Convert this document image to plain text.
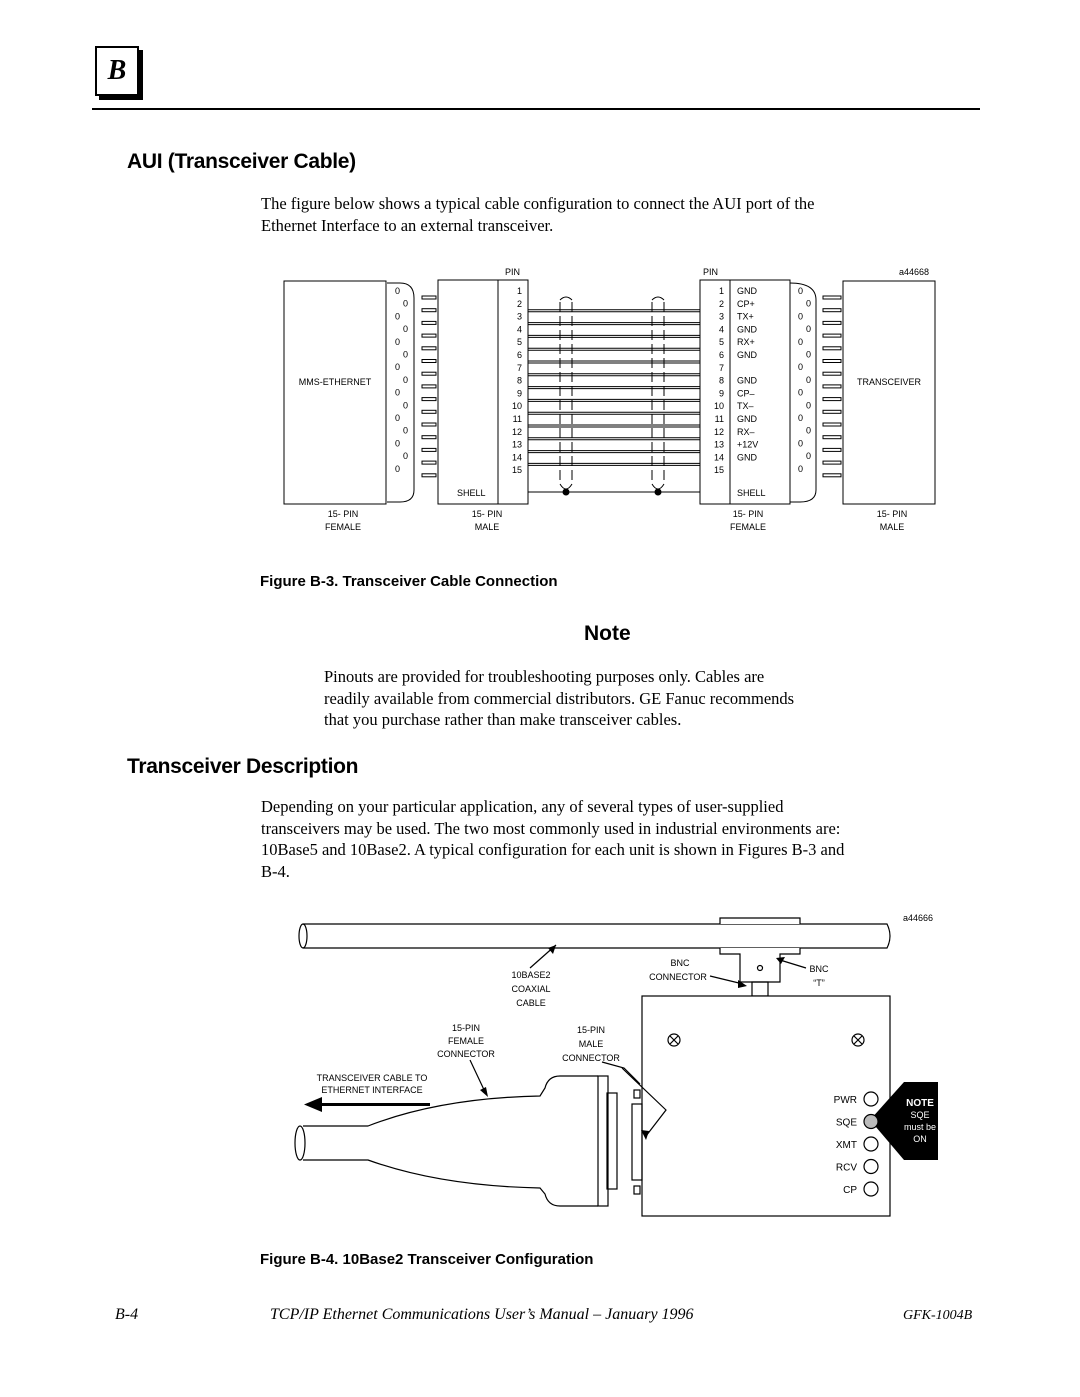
B
AUI (Transceiver Cable)
The figure below shows a typical cable configuration to connect the AUI port of the
Ethernet Interface to an external transceiver.
1	1 GND
2	2 CP+
3	3 TX+
4	4 GND
5	5 RX+
6	6 GND
7	7
8	8 GND
9	9 CP–
10	10 TX–
11	11 GND
12	12 RX–
13	13 +12V
14	14 GND
15	15
0	0
0	0
0	0
0	0
0	0
0	0
0	0
0	0
0	0
0	0
0	0
0	0
0	0
0	0
0	0
a44668
PIN	PIN
MMS-ETHERNET	TRANSCEIVER
SHELL	SHELL
15- PIN
FEMALE
15- PIN
MALE
15- PIN
FEMALE
15- PIN
MALE
Figure B-3. Transceiver Cable Connection
Note
Pinouts are provided for troubleshooting purposes only. Cables are
readily available from commercial distributors. GE Fanuc recommends
that you purchase rather than make transceiver cables.
Transceiver Description
Depending on your particular application, any of several types of user-supplied
transceivers may be used. The two most commonly used in industrial environments are:
10Base5 and 10Base2. A typical configuration for each unit is shown in Figures B-3 and
B-4.
a44666
10BASE2
COAXIAL
CABLE
BNC
CONNECTOR
BNC
“T”
15-PIN
FEMALE
CONNECTOR
15-PIN
MALE
CONNECTOR
TRANSCEIVER CABLE TO
ETHERNET INTERFACE
PWR
SQE
XMT
RCV
CP
NOTE
SQE
must be
ON
Figure B-4. 10Base2 Transceiver Configuration
B-4	TCP/IP Ethernet Communications User’s Manual – January 1996	GFK-1004B
